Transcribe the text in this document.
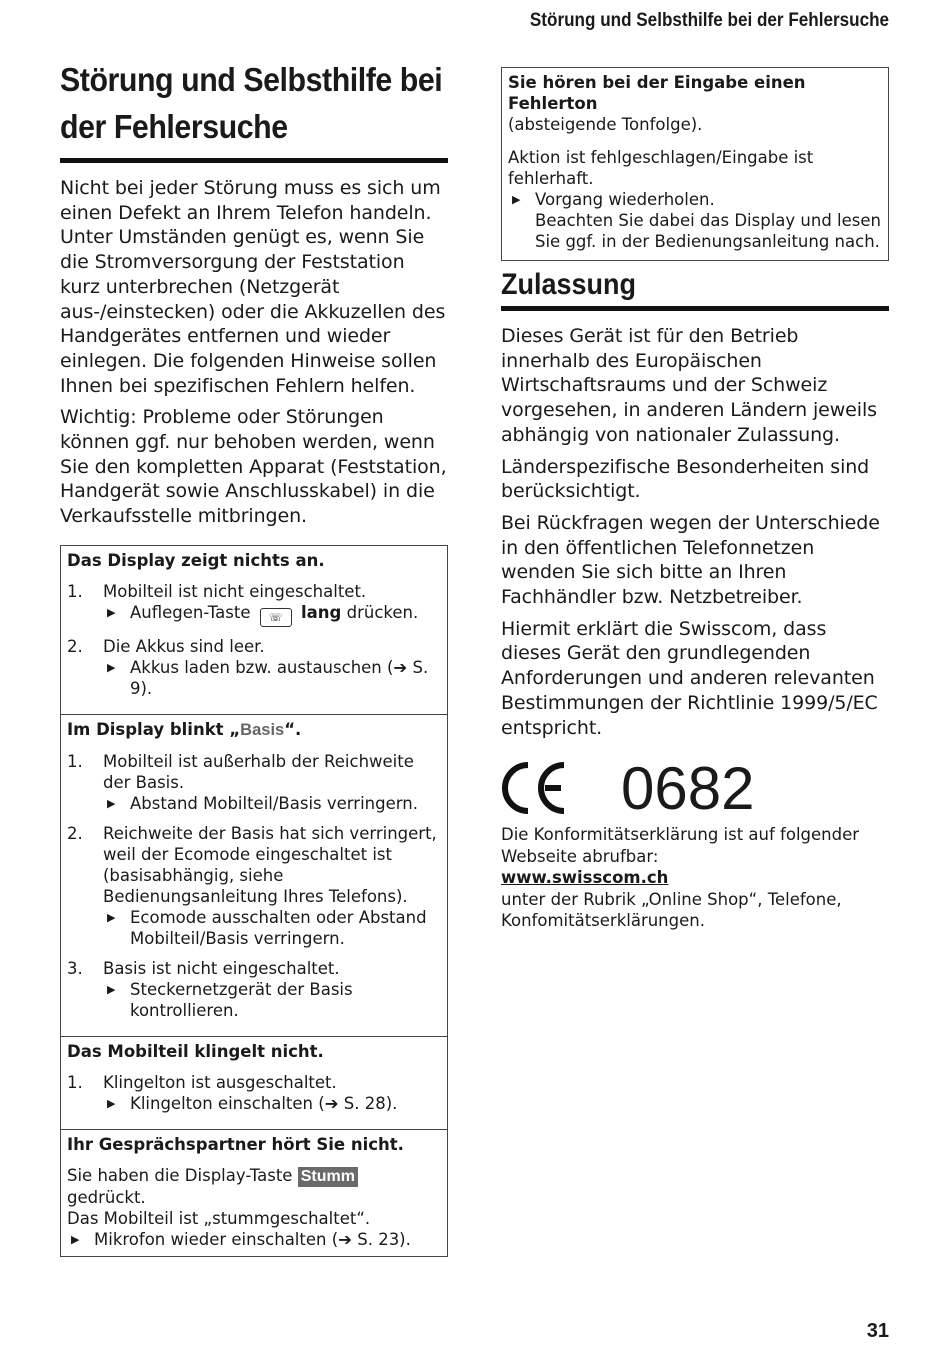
Störung und Selbsthilfe bei der Fehlersuche
Störung und Selbsthilfe bei
der Fehlersuche

Nicht bei jeder Störung muss es sich um einen Defekt an Ihrem Telefon handeln. Unter Umständen genügt es, wenn Sie die Stromversorgung der Feststation kurz unterbrechen (Netzgerät aus-/einstecken) oder die Akkuzellen des Handgerätes entfernen und wieder einlegen. Die folgenden Hinweise sollen Ihnen bei spezifischen Fehlern helfen.

Wichtig: Probleme oder Störungen können ggf. nur behoben werden, wenn Sie den kompletten Apparat (Feststation, Handgerät sowie Anschlusskabel) in die Verkaufsstelle mitbringen.

Das Display zeigt nichts an.
1.	Mobilteil ist nicht eingeschaltet.
▶ Auflegen-Taste ☏ lang drücken.
2.	Die Akkus sind leer.
▶ Akkus laden bzw. austauschen (➔ S. 9).
Im Display blinkt „Basis“.
1.	Mobilteil ist außerhalb der Reichweite der Basis.
▶ Abstand Mobilteil/Basis verringern.
2.	Reichweite der Basis hat sich verringert, weil der Ecomode eingeschaltet ist (basisabhängig, siehe Bedienungsanleitung Ihres Telefons).
▶ Ecomode ausschalten oder Abstand Mobilteil/Basis verringern.
3.	Basis ist nicht eingeschaltet.
▶ Steckernetzgerät der Basis kontrollieren.
Das Mobilteil klingelt nicht.
1.	Klingelton ist ausgeschaltet.
▶ Klingelton einschalten (➔ S. 28).
Ihr Gesprächspartner hört Sie nicht.
Sie haben die Display-Taste Stumm gedrückt.
Das Mobilteil ist „stummgeschaltet“.
▶ Mikrofon wieder einschalten (➔ S. 23).
Sie hören bei der Eingabe einen Fehlerton
(absteigende Tonfolge).
Aktion ist fehlgeschlagen/Eingabe ist fehlerhaft.
▶ Vorgang wiederholen.
Beachten Sie dabei das Display und lesen Sie ggf. in der Bedienungsanleitung nach.
Zulassung

Dieses Gerät ist für den Betrieb innerhalb des Europäischen Wirtschaftsraums und der Schweiz vorgesehen, in anderen Ländern jeweils abhängig von nationaler Zulassung.

Länderspezifische Besonderheiten sind berücksichtigt.

Bei Rückfragen wegen der Unterschiede in den öffentlichen Telefonnetzen wenden Sie sich bitte an Ihren Fachhändler bzw. Netzbetreiber.

Hiermit erklärt die Swisscom, dass dieses Gerät den grundlegenden Anforderungen und anderen relevanten Bestimmungen der Richtlinie 1999/5/EC entspricht.

0682
Die Konformitätserklärung ist auf folgender Webseite abrufbar:
www.swisscom.ch
unter der Rubrik „Online Shop“, Telefone, Konfomitätserklärungen.
31
